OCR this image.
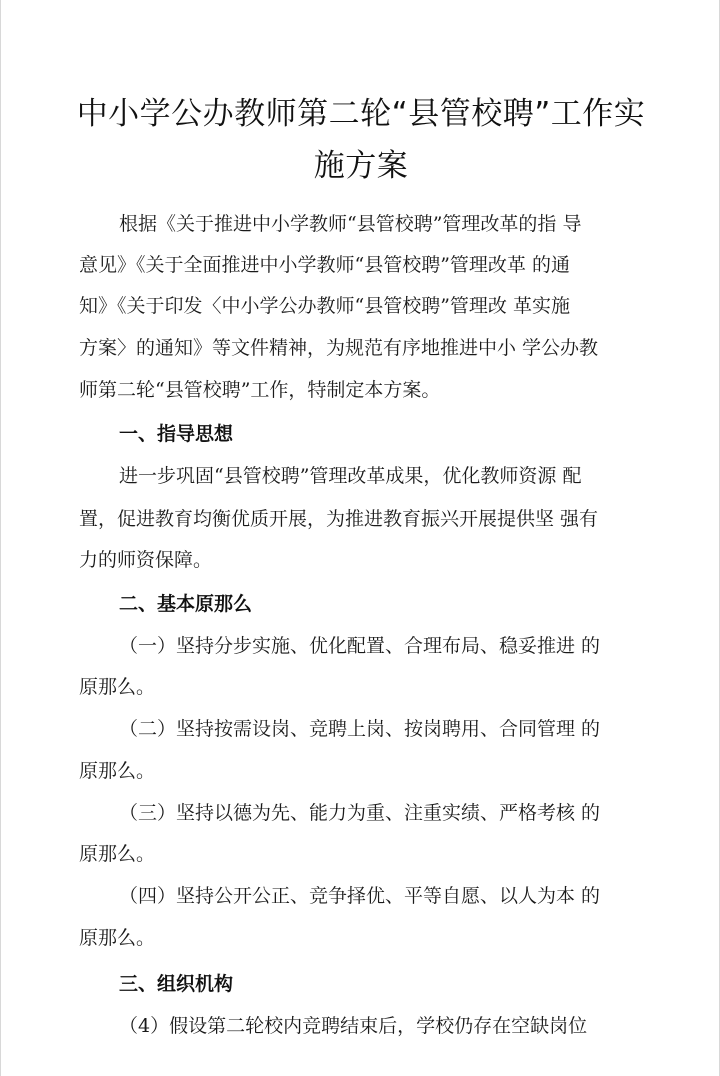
中小学公办教师第二轮“县管校聘”工作实
施方案
根据《关于推进中小学教师“县管校聘”管理改革的指 导
意见》《关于全面推进中小学教师“县管校聘”管理改革 的通
知》《关于印发〈中小学公办教师“县管校聘”管理改 革实施
方案〉的通知》等文件精神，为规范有序地推进中小 学公办教
师第二轮“县管校聘”工作，特制定本方案。
一、指导思想
进一步巩固“县管校聘”管理改革成果，优化教师资源 配
置，促进教育均衡优质开展，为推进教育振兴开展提供坚 强有
力的师资保障。
二、基本原那么
（一）坚持分步实施、优化配置、合理布局、稳妥推进 的
原那么。
（二）坚持按需设岗、竞聘上岗、按岗聘用、合同管理 的
原那么。
（三）坚持以德为先、能力为重、注重实绩、严格考核 的
原那么。
（四）坚持公开公正、竞争择优、平等自愿、以人为本 的
原那么。
三、组织机构
（4）假设第二轮校内竞聘结束后，学校仍存在空缺岗位
